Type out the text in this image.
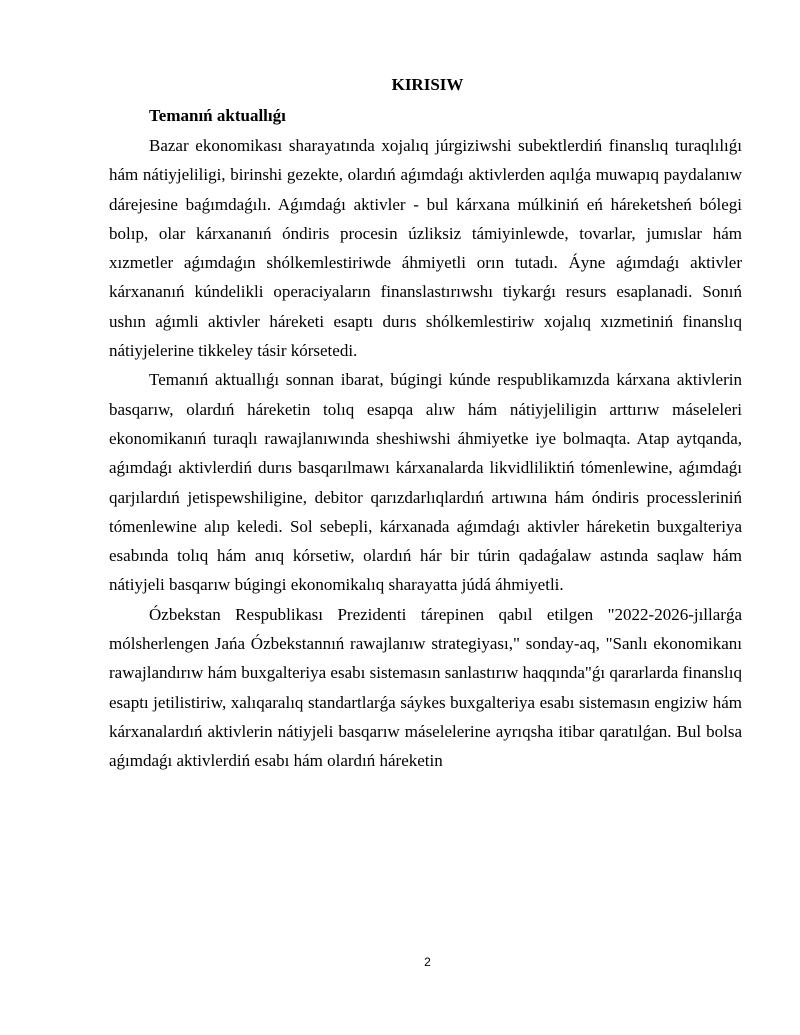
KIRISIW

Temanıń aktuallıǵı

Bazar ekonomikası sharayatında xojalıq júrgiziwshi subektlerdiń finanslıq turaqlılıǵı hám nátiyjeliligi, birinshi gezekte, olardıń aǵımdaǵı aktivlerden aqılǵa muwapıq paydalanıw dárejesine baǵımdaǵılı. Aǵımdaǵı aktivler - bul kárxana múlkiniń eń háreketsheń bólegi bolıp, olar kárxananıń óndiris procesin úzliksiz támiyinlewde, tovarlar, jumıslar hám xızmetler aǵımdaǵın shólkemlestiriwde áhmiyetli orın tutadı. Áyne aǵımdaǵı aktivler kárxananıń kúndelikli operaciyaların finanslastırıwshı tiykarǵı resurs esaplanadi. Sonıń ushın aǵımli aktivler háreketi esaptı durıs shólkemlestiriw xojalıq xızmetiniń finanslıq nátiyjelerine tikkeley tásir kórsetedi.

Temanıń aktuallıǵı sonnan ibarat, búgingi kúnde respublikamızda kárxana aktivlerin basqarıw, olardıń háreketin tolıq esapqa alıw hám nátiyjeliligin arttırıw máseleleri ekonomikanıń turaqlı rawajlanıwında sheshiwshi áhmiyetke iye bolmaqta. Atap aytqanda, aǵımdaǵı aktivlerdiń durıs basqarılmawı kárxanalarda likvidliliktiń tómenlewine, aǵımdaǵı qarjılardıń jetispewshiligine, debitor qarızdarlıqlardıń artıwına hám óndiris processleriniń tómenlewine alıp keledi. Sol sebepli, kárxanada aǵımdaǵı aktivler háreketin buxgalteriya esabında tolıq hám anıq kórsetiw, olardıń hár bir túrin qadaǵalaw astında saqlaw hám nátiyjeli basqarıw búgingi ekonomikalıq sharayatta júdá áhmiyetli.

Ózbekstan Respublikası Prezidenti tárepinen qabıl etilgen "2022-2026-jıllarǵa mólsherlengen Jańa Ózbekstannıń rawajlanıw strategiyası," sonday-aq, "Sanlı ekonomikanı rawajlandırıw hám buxgalteriya esabı sistemasın sanlastırıw haqqında"ǵı qararlarda finanslıq esaptı jetilistiriw, xalıqaralıq standartlarǵa sáykes buxgalteriya esabı sistemasın engiziw hám kárxanalardıń aktivlerin nátiyjeli basqarıw máselelerine ayrıqsha itibar qaratılǵan. Bul bolsa aǵımdaǵı aktivlerdiń esabı hám olardıń háreketin

2
